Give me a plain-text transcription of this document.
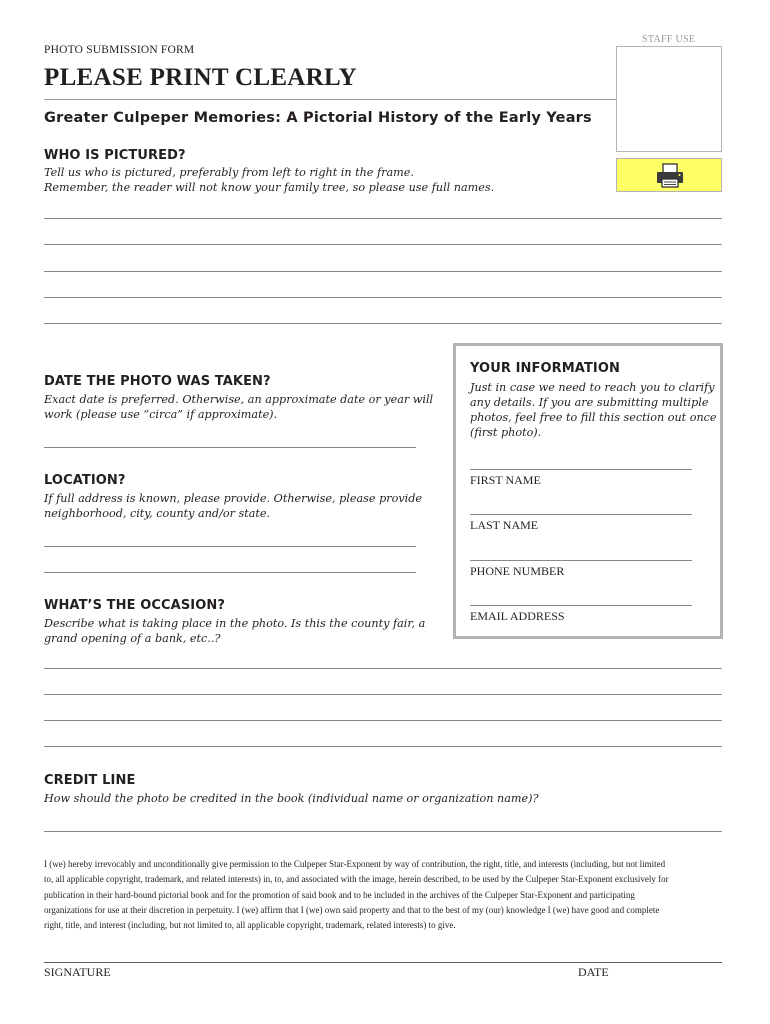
STAFF USE
PHOTO SUBMISSION FORM
PLEASE PRINT CLEARLY
Greater Culpeper Memories: A Pictorial History of the Early Years
WHO IS PICTURED?
Tell us who is pictured, preferably from left to right in the frame.
Remember, the reader will not know your family tree, so please use full names.
DATE THE PHOTO WAS TAKEN?
Exact date is preferred. Otherwise, an approximate date or year will
work (please use “circa” if approximate).
LOCATION?
If full address is known, please provide. Otherwise, please provide
neighborhood, city, county and/or state.
WHAT’S THE OCCASION?
Describe what is taking place in the photo. Is this the county fair, a
grand opening of a bank, etc..?
YOUR INFORMATION
Just in case we need to reach you to clarify
any details. If you are submitting multiple
photos, feel free to fill this section out once
(first photo).
FIRST NAME
LAST NAME
PHONE NUMBER
EMAIL ADDRESS
CREDIT LINE
How should the photo be credited in the book (individual name or organization name)?
I (we) hereby irrevocably and unconditionally give permission to the Culpeper Star-Exponent by way of contribution, the right, title, and interests (including, but not limited
to, all applicable copyright, trademark, and related interests) in, to, and associated with the image, herein described, to be used by the Culpeper Star-Exponent exclusively for
publication in their hard-bound pictorial book and for the promotion of said book and to be included in the archives of the Culpeper Star-Exponent and participating
organizations for use at their discretion in perpetuity. I (we) affirm that I (we) own said property and that to the best of my (our) knowledge I (we) have good and complete
right, title, and interest (including, but not limited to, all applicable copyright, trademark, related interests) to give.
SIGNATURE	DATE
